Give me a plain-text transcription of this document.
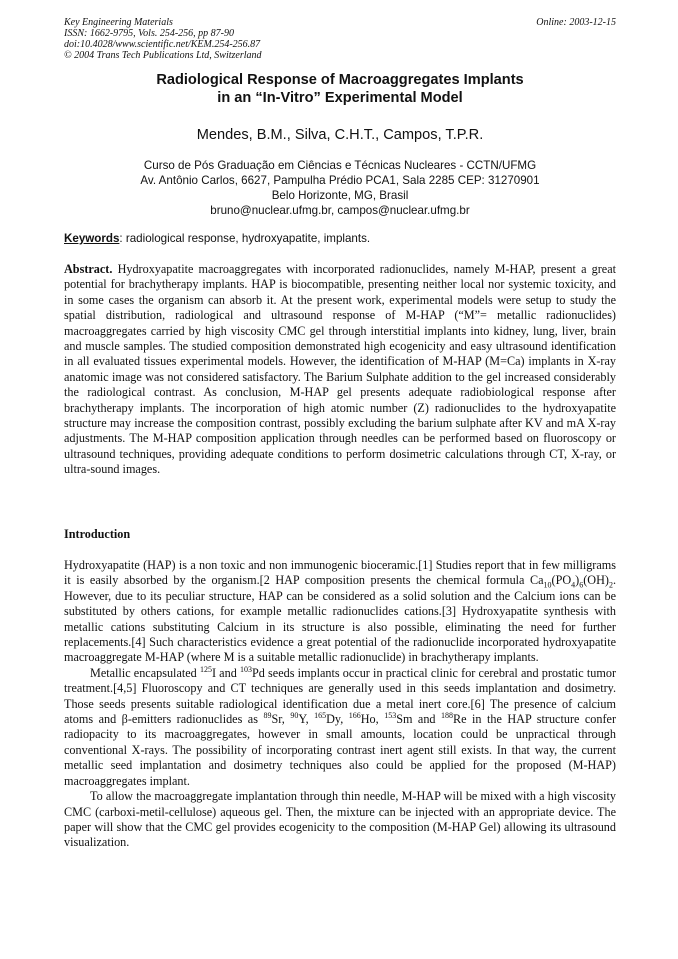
Key Engineering Materials
ISSN: 1662-9795, Vols. 254-256, pp 87-90
doi:10.4028/www.scientific.net/KEM.254-256.87
© 2004 Trans Tech Publications Ltd, Switzerland
Online: 2003-12-15
Radiological Response of Macroaggregates Implants
in an “In-Vitro” Experimental Model
Mendes, B.M., Silva, C.H.T., Campos, T.P.R.
Curso de Pós Graduação em Ciências e Técnicas Nucleares - CCTN/UFMG
Av. Antônio Carlos, 6627, Pampulha Prédio PCA1, Sala 2285 CEP: 31270901
Belo Horizonte, MG, Brasil
bruno@nuclear.ufmg.br, campos@nuclear.ufmg.br
Keywords: radiological response, hydroxyapatite, implants.
Abstract. Hydroxyapatite macroaggregates with incorporated radionuclides, namely M-HAP, present a great potential for brachytherapy implants. HAP is biocompatible, presenting neither local nor systemic toxicity, and in some cases the organism can absorb it. At the present work, experimental models were setup to study the spatial distribution, radiological and ultrasound response of M-HAP (“M”= metallic radionuclides) macroaggregates carried by high viscosity CMC gel through interstitial implants into kidney, lung, liver, brain and muscle samples. The studied composition demonstrated high ecogenicity and easy ultrasound identification in all evaluated tissues experimental models. However, the identification of M-HAP (M=Ca) implants in X-ray anatomic image was not considered satisfactory. The Barium Sulphate addition to the gel increased considerably the radiological contrast. As conclusion, M-HAP gel presents adequate radiobiological response after brachytherapy implants. The incorporation of high atomic number (Z) radionuclides to the hydroxyapatite structure may increase the composition contrast, possibly excluding the barium sulphate after KV and mA X-ray adjustments. The M-HAP composition application through needles can be performed based on fluoroscopy or ultrasound techniques, providing adequate conditions to perform dosimetric calculations through CT, X-ray, or ultra-sound images.
Introduction

Hydroxyapatite (HAP) is a non toxic and non immunogenic bioceramic.[1] Studies report that in few milligrams it is easily absorbed by the organism.[2 HAP composition presents the chemical formula $Ca_{10}(PO_4)_6(OH)_2$. However, due to its peculiar structure, HAP can be considered as a solid solution and the Calcium ions can be substituted by others cations, for example metallic radionuclides cations.[3] Hydroxyapatite synthesis with metallic cations substituting Calcium in its structure is also possible, eliminating the need for further replacements.[4] Such characteristics evidence a great potential of the radionuclide incorporated hydroxyapatite macroaggregate M-HAP (where M is a suitable metallic radionuclide) in brachytherapy implants.

Metallic encapsulated $^{125}$I and $^{103}$Pd seeds implants occur in practical clinic for cerebral and prostatic tumor treatment.[4,5] Fluoroscopy and CT techniques are generally used in this seeds implantation and dosimetry. Those seeds presents suitable radiological identification due a metal inert core.[6] The presence of calcium atoms and β-emitters radionuclides as $^{89}$Sr, $^{90}$Y, $^{165}$Dy, $^{166}$Ho, $^{153}$Sm and $^{188}$Re in the HAP structure confer radiopacity to its macroaggregates, however in small amounts, location could be unpractical through conventional X-rays. The possibility of incorporating contrast inert agent still exists. In that way, the current metallic seed implantation and dosimetry techniques also could be applied for the proposed (M-HAP) macroaggregates implant.

To allow the macroaggregate implantation through thin needle, M-HAP will be mixed with a high viscosity CMC (carboxi-metil-cellulose) aqueous gel. Then, the mixture can be injected with an appropriate device. The paper will show that the CMC gel provides ecogenicity to the composition (M-HAP Gel) allowing its ultrasound visualization.
